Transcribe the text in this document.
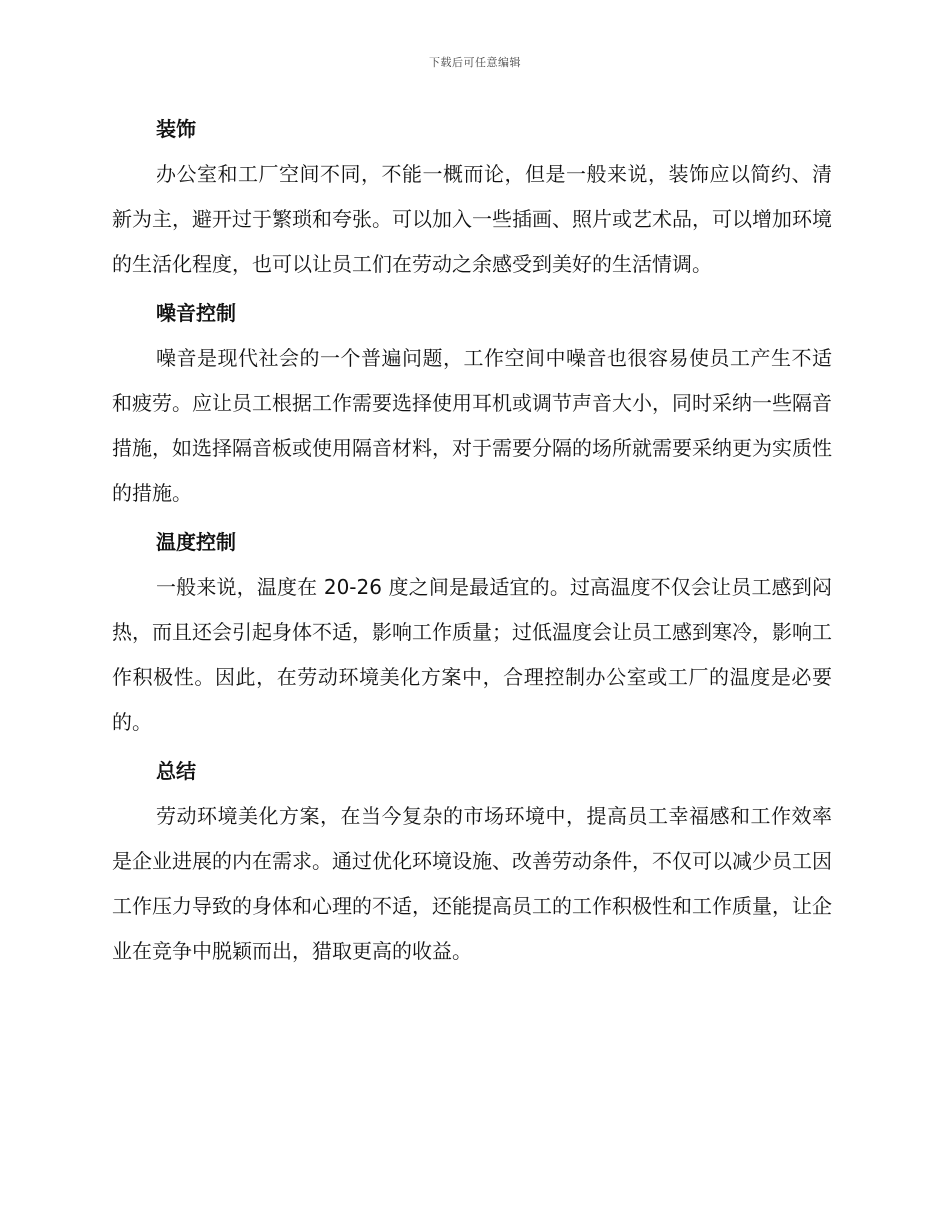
下载后可任意编辑
装饰

办公室和工厂空间不同，不能一概而论，但是一般来说，装饰应以简约、清新为主，避开过于繁琐和夸张。可以加入一些插画、照片或艺术品，可以增加环境的生活化程度，也可以让员工们在劳动之余感受到美好的生活情调。

噪音控制

噪音是现代社会的一个普遍问题，工作空间中噪音也很容易使员工产生不适和疲劳。应让员工根据工作需要选择使用耳机或调节声音大小，同时采纳一些隔音措施，如选择隔音板或使用隔音材料，对于需要分隔的场所就需要采纳更为实质性的措施。

温度控制

一般来说，温度在 20-26 度之间是最适宜的。过高温度不仅会让员工感到闷热，而且还会引起身体不适，影响工作质量；过低温度会让员工感到寒冷，影响工作积极性。因此，在劳动环境美化方案中，合理控制办公室或工厂的温度是必要的。

总结

劳动环境美化方案，在当今复杂的市场环境中，提高员工幸福感和工作效率是企业进展的内在需求。通过优化环境设施、改善劳动条件，不仅可以减少员工因工作压力导致的身体和心理的不适，还能提高员工的工作积极性和工作质量，让企业在竞争中脱颖而出，猎取更高的收益。
